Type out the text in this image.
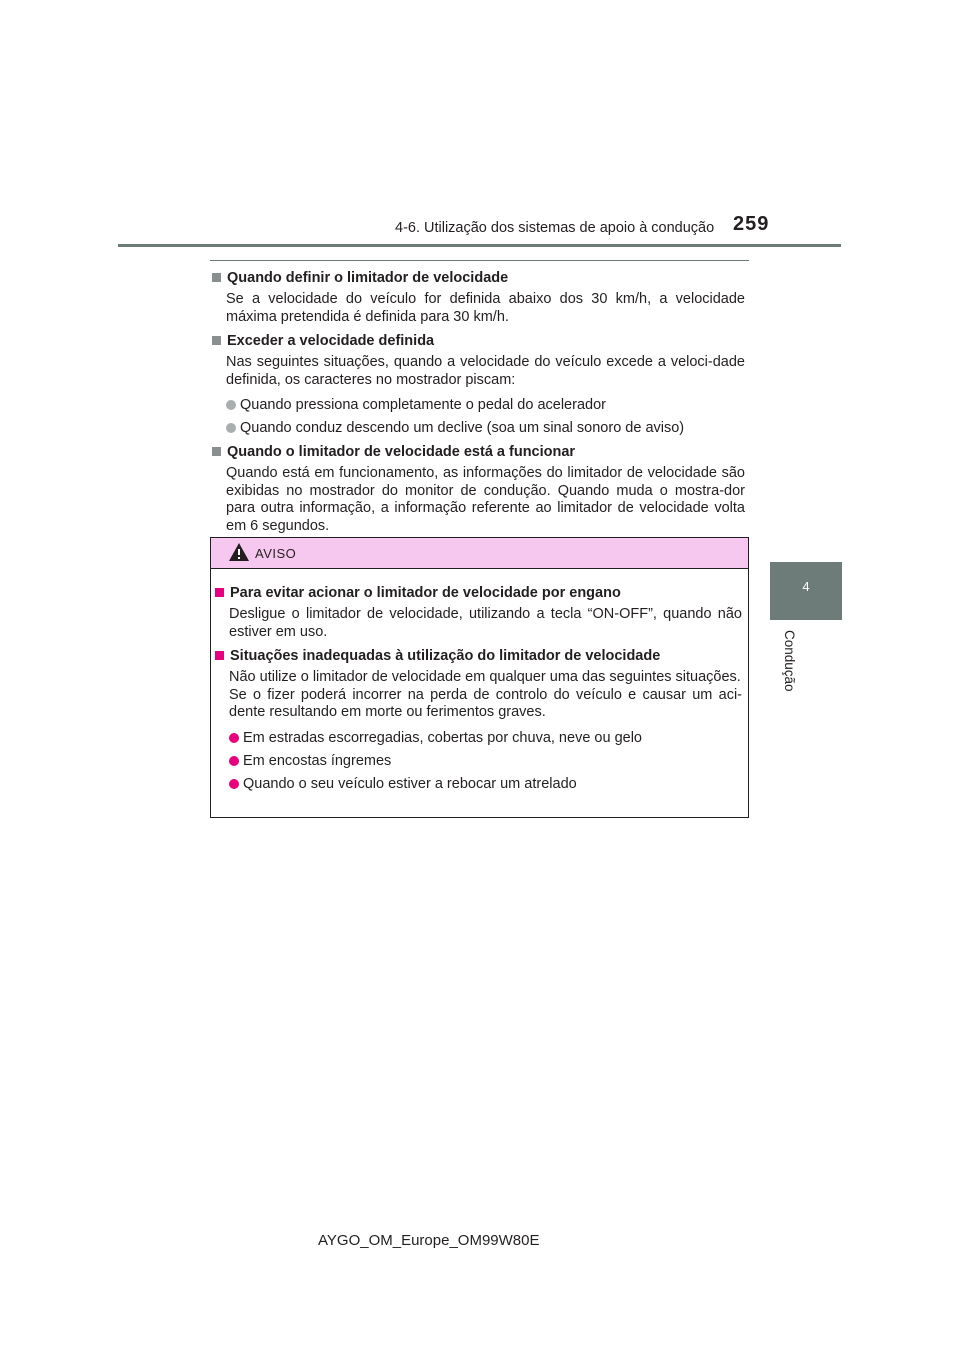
4-6. Utilização dos sistemas de apoio à condução 259
4
Condução
Quando definir o limitador de velocidade
Se a velocidade do veículo for definida abaixo dos 30 km/h, a velocidade máxima pretendida é definida para 30 km/h.
Exceder a velocidade definida
Nas seguintes situações, quando a velocidade do veículo excede a veloci-dade definida, os caracteres no mostrador piscam:
Quando pressiona completamente o pedal do acelerador
Quando conduz descendo um declive (soa um sinal sonoro de aviso)
Quando o limitador de velocidade está a funcionar
Quando está em funcionamento, as informações do limitador de velocidade são exibidas no mostrador do monitor de condução. Quando muda o mostra-dor para outra informação, a informação referente ao limitador de velocidade volta em 6 segundos.
AVISO
Para evitar acionar o limitador de velocidade por engano
Desligue o limitador de velocidade, utilizando a tecla “ON-OFF”, quando não estiver em uso.
Situações inadequadas à utilização do limitador de velocidade
Não utilize o limitador de velocidade em qualquer uma das seguintes situações.
Se o fizer poderá incorrer na perda de controlo do veículo e causar um aci-dente resultando em morte ou ferimentos graves.
Em estradas escorregadias, cobertas por chuva, neve ou gelo
Em encostas íngremes
Quando o seu veículo estiver a rebocar um atrelado
AYGO_OM_Europe_OM99W80E
